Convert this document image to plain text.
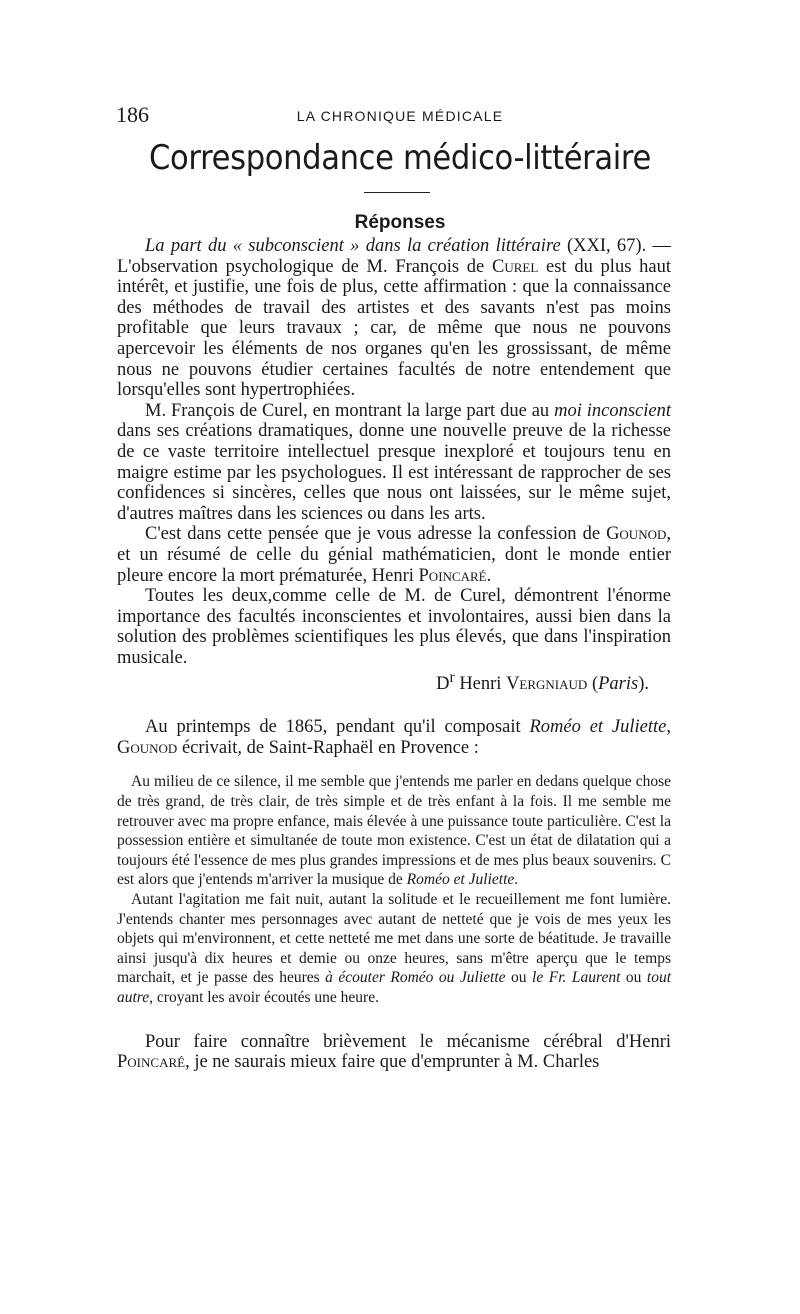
186	LA CHRONIQUE MÉDICALE
Correspondance médico-littéraire
Réponses

La part du « subconscient » dans la création littéraire (XXI, 67). — L'observation psychologique de M. François de Curel est du plus haut intérêt, et justifie, une fois de plus, cette affirmation : que la connaissance des méthodes de travail des artistes et des savants n'est pas moins profitable que leurs travaux ; car, de même que nous ne pouvons apercevoir les éléments de nos organes qu'en les grossissant, de même nous ne pouvons étudier certaines facultés de notre entendement que lorsqu'elles sont hypertrophiées.

M. François de Curel, en montrant la large part due au moi inconscient dans ses créations dramatiques, donne une nouvelle preuve de la richesse de ce vaste territoire intellectuel presque inexploré et toujours tenu en maigre estime par les psychologues. Il est intéressant de rapprocher de ses confidences si sincères, celles que nous ont laissées, sur le même sujet, d'autres maîtres dans les sciences ou dans les arts.

C'est dans cette pensée que je vous adresse la confession de Gounod, et un résumé de celle du génial mathématicien, dont le monde entier pleure encore la mort prématurée, Henri Poincaré.

Toutes les deux,comme celle de M. de Curel, démontrent l'énorme importance des facultés inconscientes et involontaires, aussi bien dans la solution des problèmes scientifiques les plus élevés, que dans l'inspiration musicale.

$D^r$ Henri Vergniaud (Paris).

Au printemps de 1865, pendant qu'il composait Roméo et Juliette, Gounod écrivait, de Saint-Raphaël en Provence :

Au milieu de ce silence, il me semble que j'entends me parler en dedans quelque chose de très grand, de très clair, de très simple et de très enfant à la fois. Il me semble me retrouver avec ma propre enfance, mais élevée à une puissance toute particulière. C'est la possession entière et simultanée de toute mon existence. C'est un état de dilatation qui a toujours été l'essence de mes plus grandes impressions et de mes plus beaux souvenirs. C est alors que j'entends m'arriver la musique de Roméo et Juliette.

Autant l'agitation me fait nuit, autant la solitude et le recueillement me font lumière. J'entends chanter mes personnages avec autant de netteté que je vois de mes yeux les objets qui m'environnent, et cette netteté me met dans une sorte de béatitude. Je travaille ainsi jusqu'à dix heures et demie ou onze heures, sans m'être aperçu que le temps marchait, et je passe des heures à écouter Roméo ou Juliette ou le Fr. Laurent ou tout autre, croyant les avoir écoutés une heure.

Pour faire connaître brièvement le mécanisme cérébral d'Henri Poincaré, je ne saurais mieux faire que d'emprunter à M. Charles
